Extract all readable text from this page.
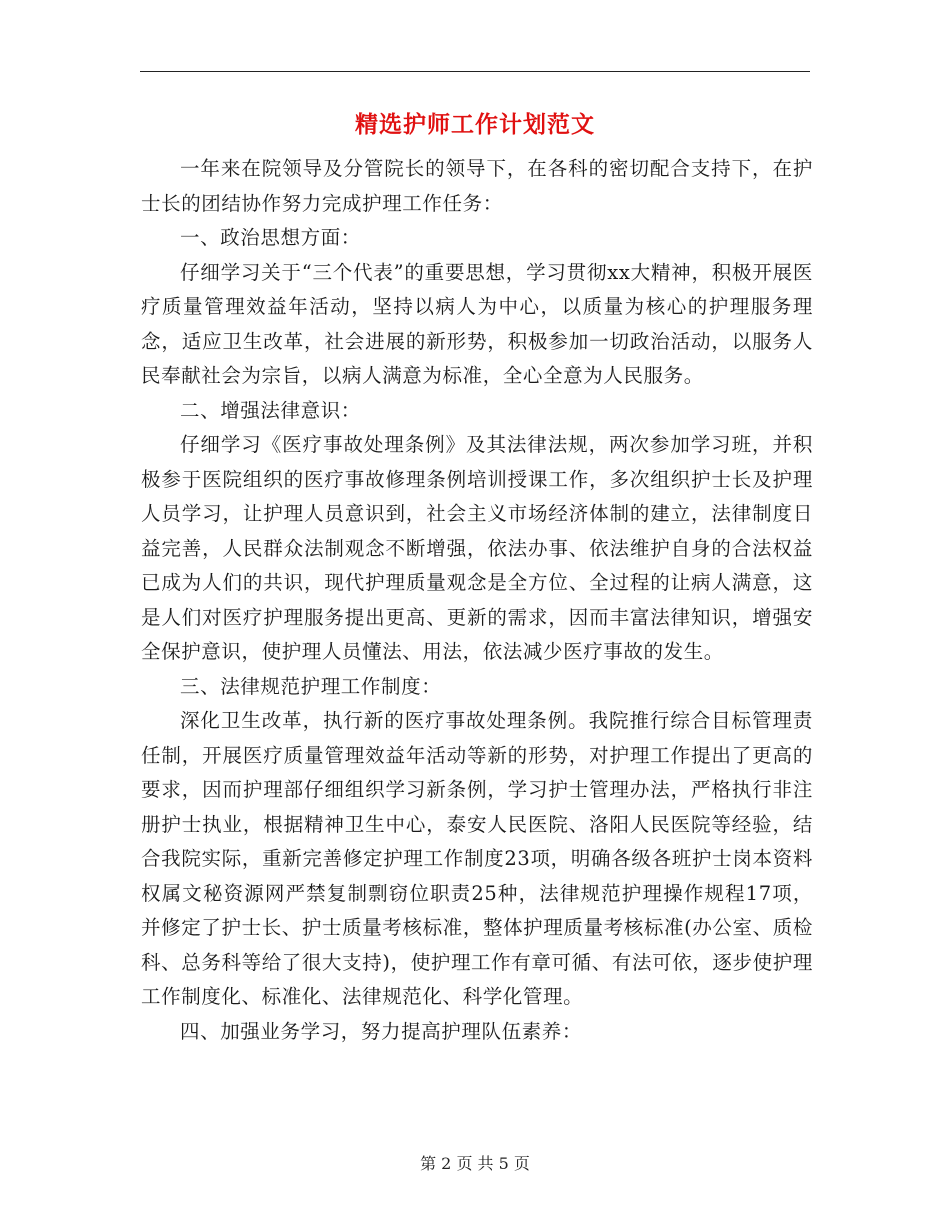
精选护师工作计划范文

一年来在院领导及分管院长的领导下，在各科的密切配合支持下，在护士长的团结协作努力完成护理工作任务：

一、政治思想方面：

仔细学习关于“三个代表”的重要思想，学习贯彻xx大精神，积极开展医疗质量管理效益年活动，坚持以病人为中心，以质量为核心的护理服务理念，适应卫生改革，社会进展的新形势，积极参加一切政治活动，以服务人民奉献社会为宗旨，以病人满意为标准，全心全意为人民服务。

二、增强法律意识：

仔细学习《医疗事故处理条例》及其法律法规，两次参加学习班，并积极参于医院组织的医疗事故修理条例培训授课工作，多次组织护士长及护理人员学习，让护理人员意识到，社会主义市场经济体制的建立，法律制度日益完善，人民群众法制观念不断增强，依法办事、依法维护自身的合法权益已成为人们的共识，现代护理质量观念是全方位、全过程的让病人满意，这是人们对医疗护理服务提出更高、更新的需求，因而丰富法律知识，增强安全保护意识，使护理人员懂法、用法，依法减少医疗事故的发生。

三、法律规范护理工作制度：

深化卫生改革，执行新的医疗事故处理条例。我院推行综合目标管理责任制，开展医疗质量管理效益年活动等新的形势，对护理工作提出了更高的要求，因而护理部仔细组织学习新条例，学习护士管理办法，严格执行非注册护士执业，根据精神卫生中心，泰安人民医院、洛阳人民医院等经验，结合我院实际，重新完善修定护理工作制度23项，明确各级各班护士岗本资料权属文秘资源网严禁复制剽窃位职责25种，法律规范护理操作规程17项，并修定了护士长、护士质量考核标准，整体护理质量考核标准(办公室、质检科、总务科等给了很大支持)，使护理工作有章可循、有法可依，逐步使护理工作制度化、标准化、法律规范化、科学化管理。

四、加强业务学习，努力提高护理队伍素养：

第 2 页 共 5 页
